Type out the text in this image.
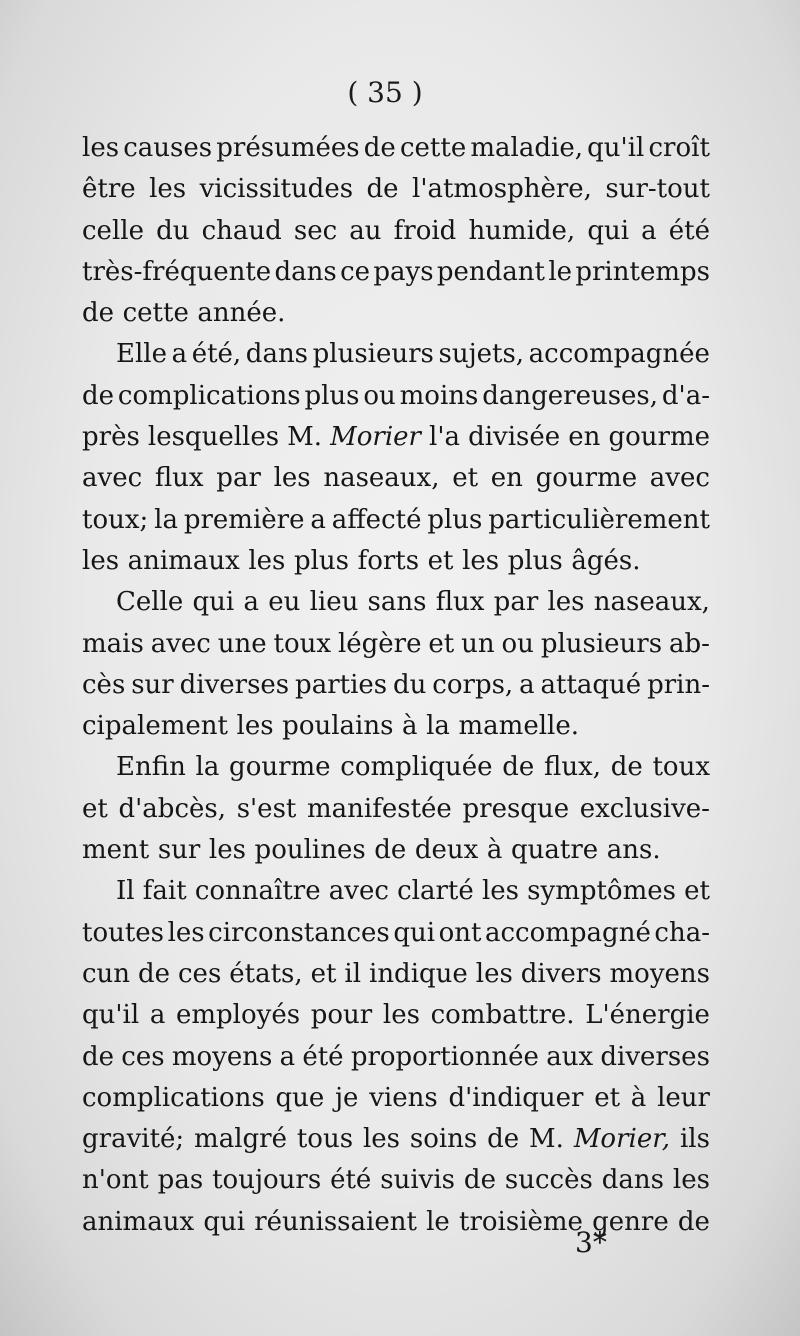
( 35 )
les causes présumées de cette maladie, qu'il croît
être les vicissitudes de l'atmosphère, sur-tout
celle du chaud sec au froid humide, qui a été
très-fréquente dans ce pays pendant le printemps
de cette année.
Elle a été, dans plusieurs sujets, accompagnée
de complications plus ou moins dangereuses, d'a-
près lesquelles M. Morier l'a divisée en gourme
avec flux par les naseaux, et en gourme avec
toux; la première a affecté plus particulièrement
les animaux les plus forts et les plus âgés.
Celle qui a eu lieu sans flux par les naseaux,
mais avec une toux légère et un ou plusieurs ab-
cès sur diverses parties du corps, a attaqué prin-
cipalement les poulains à la mamelle.
Enfin la gourme compliquée de flux, de toux
et d'abcès, s'est manifestée presque exclusive-
ment sur les poulines de deux à quatre ans.
Il fait connaître avec clarté les symptômes et
toutes les circonstances qui ont accompagné cha-
cun de ces états, et il indique les divers moyens
qu'il a employés pour les combattre. L'énergie
de ces moyens a été proportionnée aux diverses
complications que je viens d'indiquer et à leur
gravité; malgré tous les soins de M. Morier, ils
n'ont pas toujours été suivis de succès dans les
animaux qui réunissaient le troisième genre de
3*
